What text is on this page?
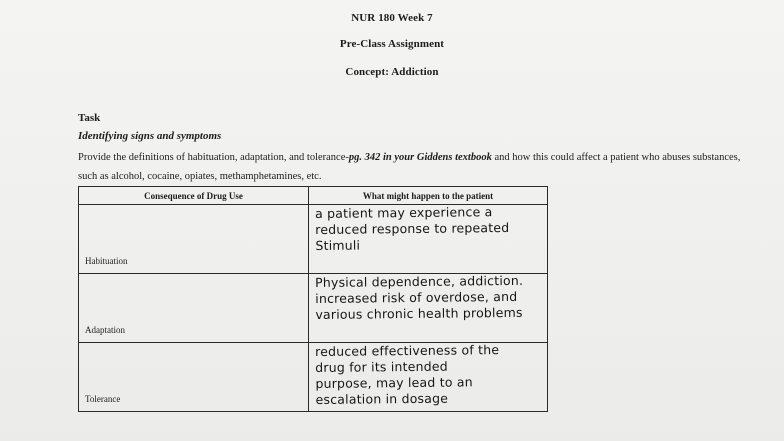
NUR 180 Week 7
Pre-Class Assignment
Concept: Addiction
Task
Identifying signs and symptoms
Provide the definitions of habituation, adaptation, and tolerance-pg. 342 in your Giddens textbook and how this could affect a patient who abuses substances, such as alcohol, cocaine, opiates, methamphetamines, etc.
Consequence of Drug Use	What might happen to the patient
Habituation	a patient may experience a
reduced response to repeated
Stimuli

Adaptation	Physical dependence, addiction.
increased risk of overdose, and
various chronic health problems

Tolerance	reduced effectiveness of the
drug for its intended
purpose, may lead to an
escalation in dosage
